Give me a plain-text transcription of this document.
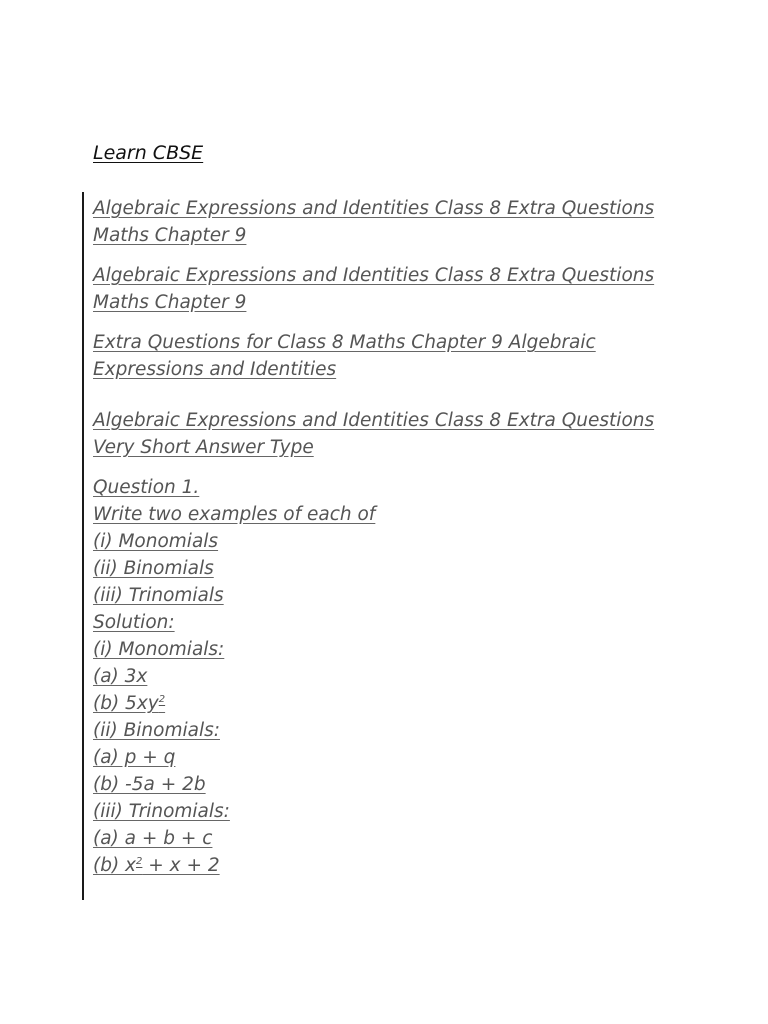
Learn CBSE

Algebraic Expressions and Identities Class 8 Extra Questions Maths Chapter 9

Algebraic Expressions and Identities Class 8 Extra Questions Maths Chapter 9

Extra Questions for Class 8 Maths Chapter 9 Algebraic Expressions and Identities

Algebraic Expressions and Identities Class 8 Extra Questions Very Short Answer Type

Question 1.
Write two examples of each of
(i) Monomials
(ii) Binomials
(iii) Trinomials
Solution:
(i) Monomials:
(a) 3x
(b) $5xy^2$
(ii) Binomials:
(a) p + q
(b) -5a + 2b
(iii) Trinomials:
(a) a + b + c
(b) $x^2 + x + 2$
